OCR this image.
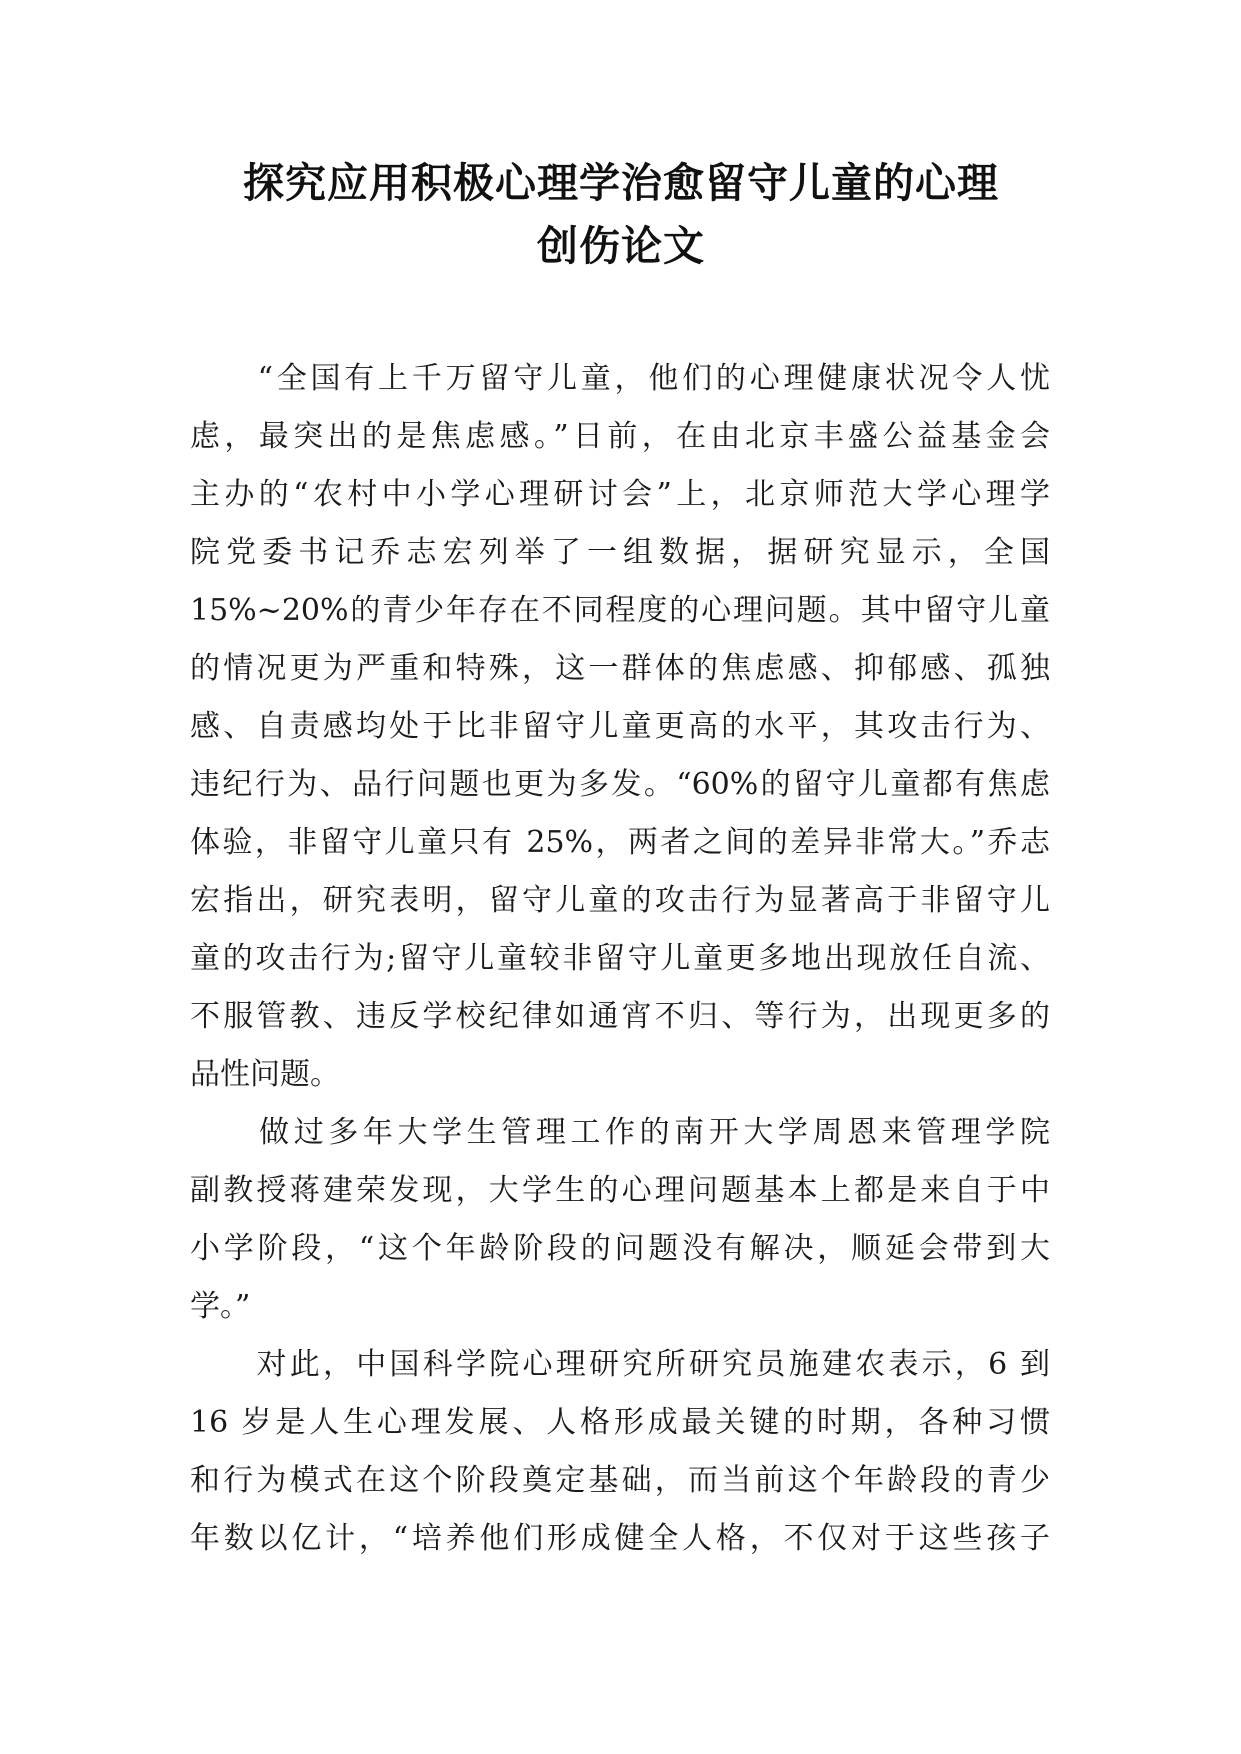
探究应用积极心理学治愈留守儿童的心理
创伤论文
　　“全国有上千万留守儿童，他们的心理健康状况令人忧
虑，最突出的是焦虑感。”日前，在由北京丰盛公益基金会
主办的“农村中小学心理研讨会”上，北京师范大学心理学
院党委书记乔志宏列举了一组数据，据研究显示，全国
15%~20%的青少年存在不同程度的心理问题。其中留守儿童
的情况更为严重和特殊，这一群体的焦虑感、抑郁感、孤独
感、自责感均处于比非留守儿童更高的水平，其攻击行为、
违纪行为、品行问题也更为多发。“60%的留守儿童都有焦虑
体验，非留守儿童只有 25%，两者之间的差异非常大。”乔志
宏指出，研究表明，留守儿童的攻击行为显著高于非留守儿
童的攻击行为;留守儿童较非留守儿童更多地出现放任自流、
不服管教、违反学校纪律如通宵不归、等行为，出现更多的
品性问题。
　　做过多年大学生管理工作的南开大学周恩来管理学院
副教授蒋建荣发现，大学生的心理问题基本上都是来自于中
小学阶段，“这个年龄阶段的问题没有解决，顺延会带到大
学。”
　　对此，中国科学院心理研究所研究员施建农表示，6 到
16 岁是人生心理发展、人格形成最关键的时期，各种习惯
和行为模式在这个阶段奠定基础，而当前这个年龄段的青少
年数以亿计，“培养他们形成健全人格，不仅对于这些孩子
